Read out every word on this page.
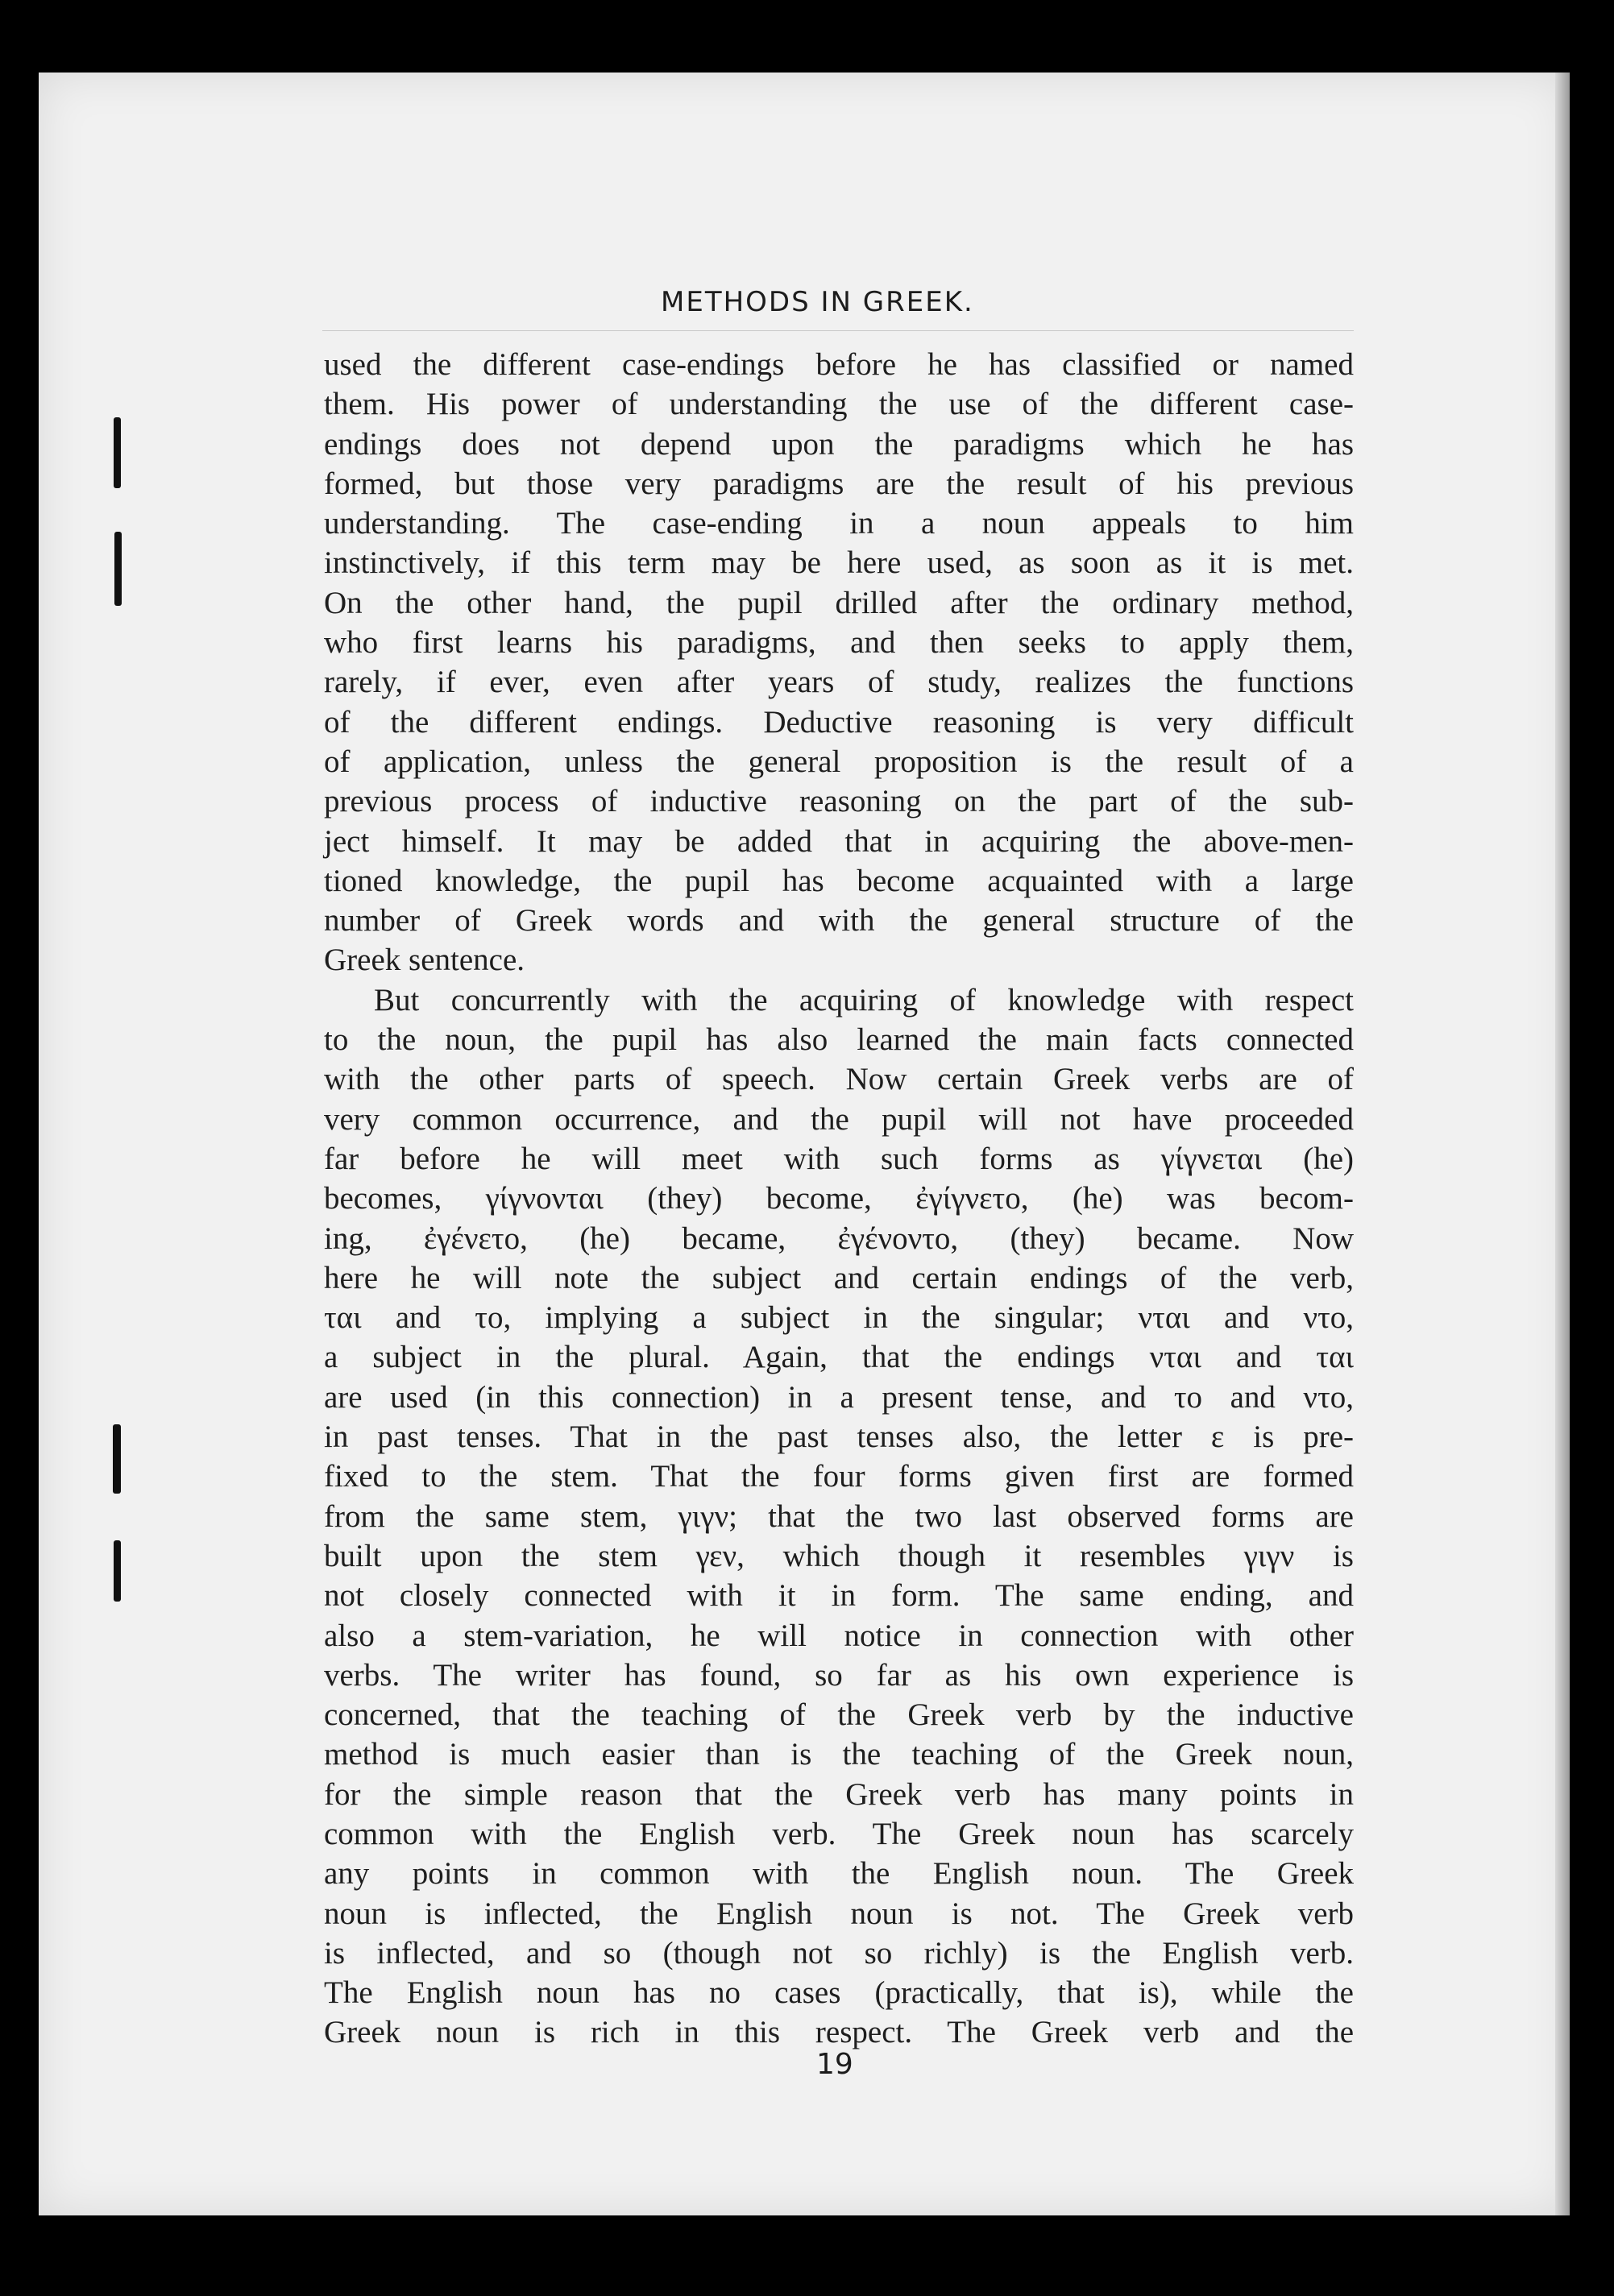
METHODS IN GREEK.
used the different case-endings before he has classified or named
them. His power of understanding the use of the different case-
endings does not depend upon the paradigms which he has
formed, but those very paradigms are the result of his previous
understanding. The case-ending in a noun appeals to him
instinctively, if this term may be here used, as soon as it is met.
On the other hand, the pupil drilled after the ordinary method,
who first learns his paradigms, and then seeks to apply them,
rarely, if ever, even after years of study, realizes the functions
of the different endings. Deductive reasoning is very difficult
of application, unless the general proposition is the result of a
previous process of inductive reasoning on the part of the sub-
ject himself. It may be added that in acquiring the above-men-
tioned knowledge, the pupil has become acquainted with a large
number of Greek words and with the general structure of the
Greek sentence.
But concurrently with the acquiring of knowledge with respect
to the noun, the pupil has also learned the main facts connected
with the other parts of speech. Now certain Greek verbs are of
very common occurrence, and the pupil will not have proceeded
far before he will meet with such forms as γίγνεται (he)
becomes, γίγνονται (they) become, ἐγίγνετο, (he) was becom-
ing, ἐγένετο, (he) became, ἐγένοντο, (they) became. Now
here he will note the subject and certain endings of the verb,
ται and το, implying a subject in the singular; νται and ντο,
a subject in the plural. Again, that the endings νται and ται
are used (in this connection) in a present tense, and το and ντο,
in past tenses. That in the past tenses also, the letter ε is pre-
fixed to the stem. That the four forms given first are formed
from the same stem, γιγν; that the two last observed forms are
built upon the stem γεν, which though it resembles γιγν is
not closely connected with it in form. The same ending, and
also a stem-variation, he will notice in connection with other
verbs. The writer has found, so far as his own experience is
concerned, that the teaching of the Greek verb by the inductive
method is much easier than is the teaching of the Greek noun,
for the simple reason that the Greek verb has many points in
common with the English verb. The Greek noun has scarcely
any points in common with the English noun. The Greek
noun is inflected, the English noun is not. The Greek verb
is inflected, and so (though not so richly) is the English verb.
The English noun has no cases (practically, that is), while the
Greek noun is rich in this respect. The Greek verb and the
19
